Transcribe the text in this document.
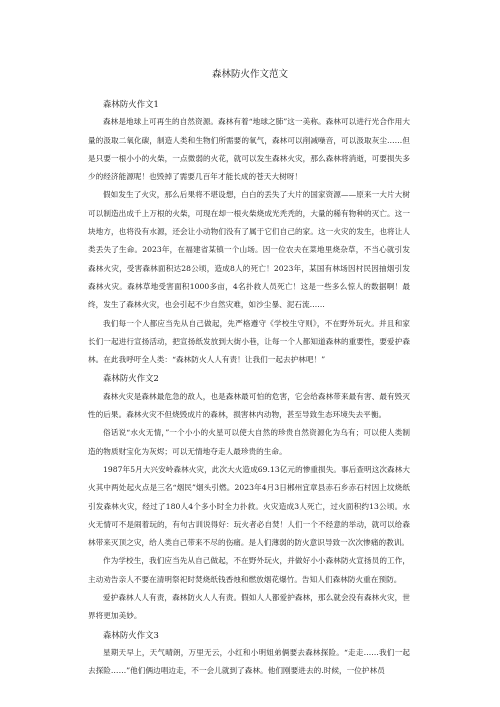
森林防火作文范文

森林防火作文1

森林是地球上可再生的自然资源。森林有着“地球之肺”这一美称。森林可以进行光合作用大量的汲取二氧化碳，制造人类和生物们所需要的氧气，森林可以削减噪音，可以汲取灰尘……但是只要一根小小的火柴，一点微弱的火花，就可以发生森林火灾，那么森林将消逝，可要损失多少的经济能源呢！也毁掉了需要几百年才能长成的苍天大树呀！

假如发生了火灾，那么后果将不堪设想，白白的丢失了大片的国家资源——原来一大片大树可以制造出成千上万根的火柴，可现在却一根火柴烧成光秃秃的，大量的稀有物种的灭亡。这一块地方，也将没有水源，还会让小动物们没有了属于它们自己的家。这一火灾的发生，也将让人类丢失了生命。2023年，在福建省某镇一个山场。因一位农夫在菜地里烧杂草，不当心就引发森林火灾，受害森林面积达28公顷，造成8人的死亡！2023年，某国有林场因村民因抽烟引发森林火灾。森林草地受害面积1000多亩，4名扑救人员死亡！这是一些多么惊人的数据啊！最终，发生了森林火灾，也会引起不少自然灾难，如沙尘暴、泥石流……

我们每一个人都应当先从自己做起，先严格遵守《学校生守则》，不在野外玩火。并且和家长们一起进行宣扬活动，把宣扬纸发放到大街小巷，让每一个人都知道森林的重要性，要爱护森林。在此我呼吁全人类：“森林防火人人有责！让我们一起去护林吧！”

森林防火作文2

森林火灾是森林最危急的敌人，也是森林最可怕的危害，它会给森林带来最有害、最有毁灭性的后果。森林火灾不但烧毁成片的森林，损害林内动物，甚至导致生态环境失去平衡。

俗话说“水火无情，”一个小小的火星可以使大自然的珍贵自然资源化为乌有；可以使人类制造的物质财宝化为灰烬；可以无情地夺走人最珍贵的生命。

1987年5月大兴安岭森林火灾，此次大火造成69.13亿元的惨重损失。事后查明这次森林大火其中两处起火点是三名“烟民”烟头引燃。2023年4月3日郴州宜章县赤石乡赤石村因上坟烧纸引发森林火灾，经过了180人4个多小时全力扑救。火灾造成3人死亡，过火面积约13公顷。水火无情可不是闹着玩的，有句古训说得好：玩火者必自焚！人们一个不经意的举动，就可以给森林带来灭顶之灾，给人类自己带来不尽的伤痛。是人们薄弱的防火意识导致一次次惨痛的教训。

作为学校生，我们应当先从自己做起，不在野外玩火，并做好小小森林防火宣扬员的工作，主动劝告亲人不要在清明祭祀时焚烧纸钱香烛和燃放烟花爆竹。告知人们森林防火重在预防。

爱护森林人人有责，森林防火人人有责。假如人人都爱护森林，那么就会没有森林火灾，世界将更加美妙。

森林防火作文3

星期天早上，天气晴朗，万里无云，小红和小明姐弟俩要去森林探险。“走走……我们一起去探险……”他们俩边唱边走，不一会儿就到了森林。他们刚要进去的.时候，一位护林员
